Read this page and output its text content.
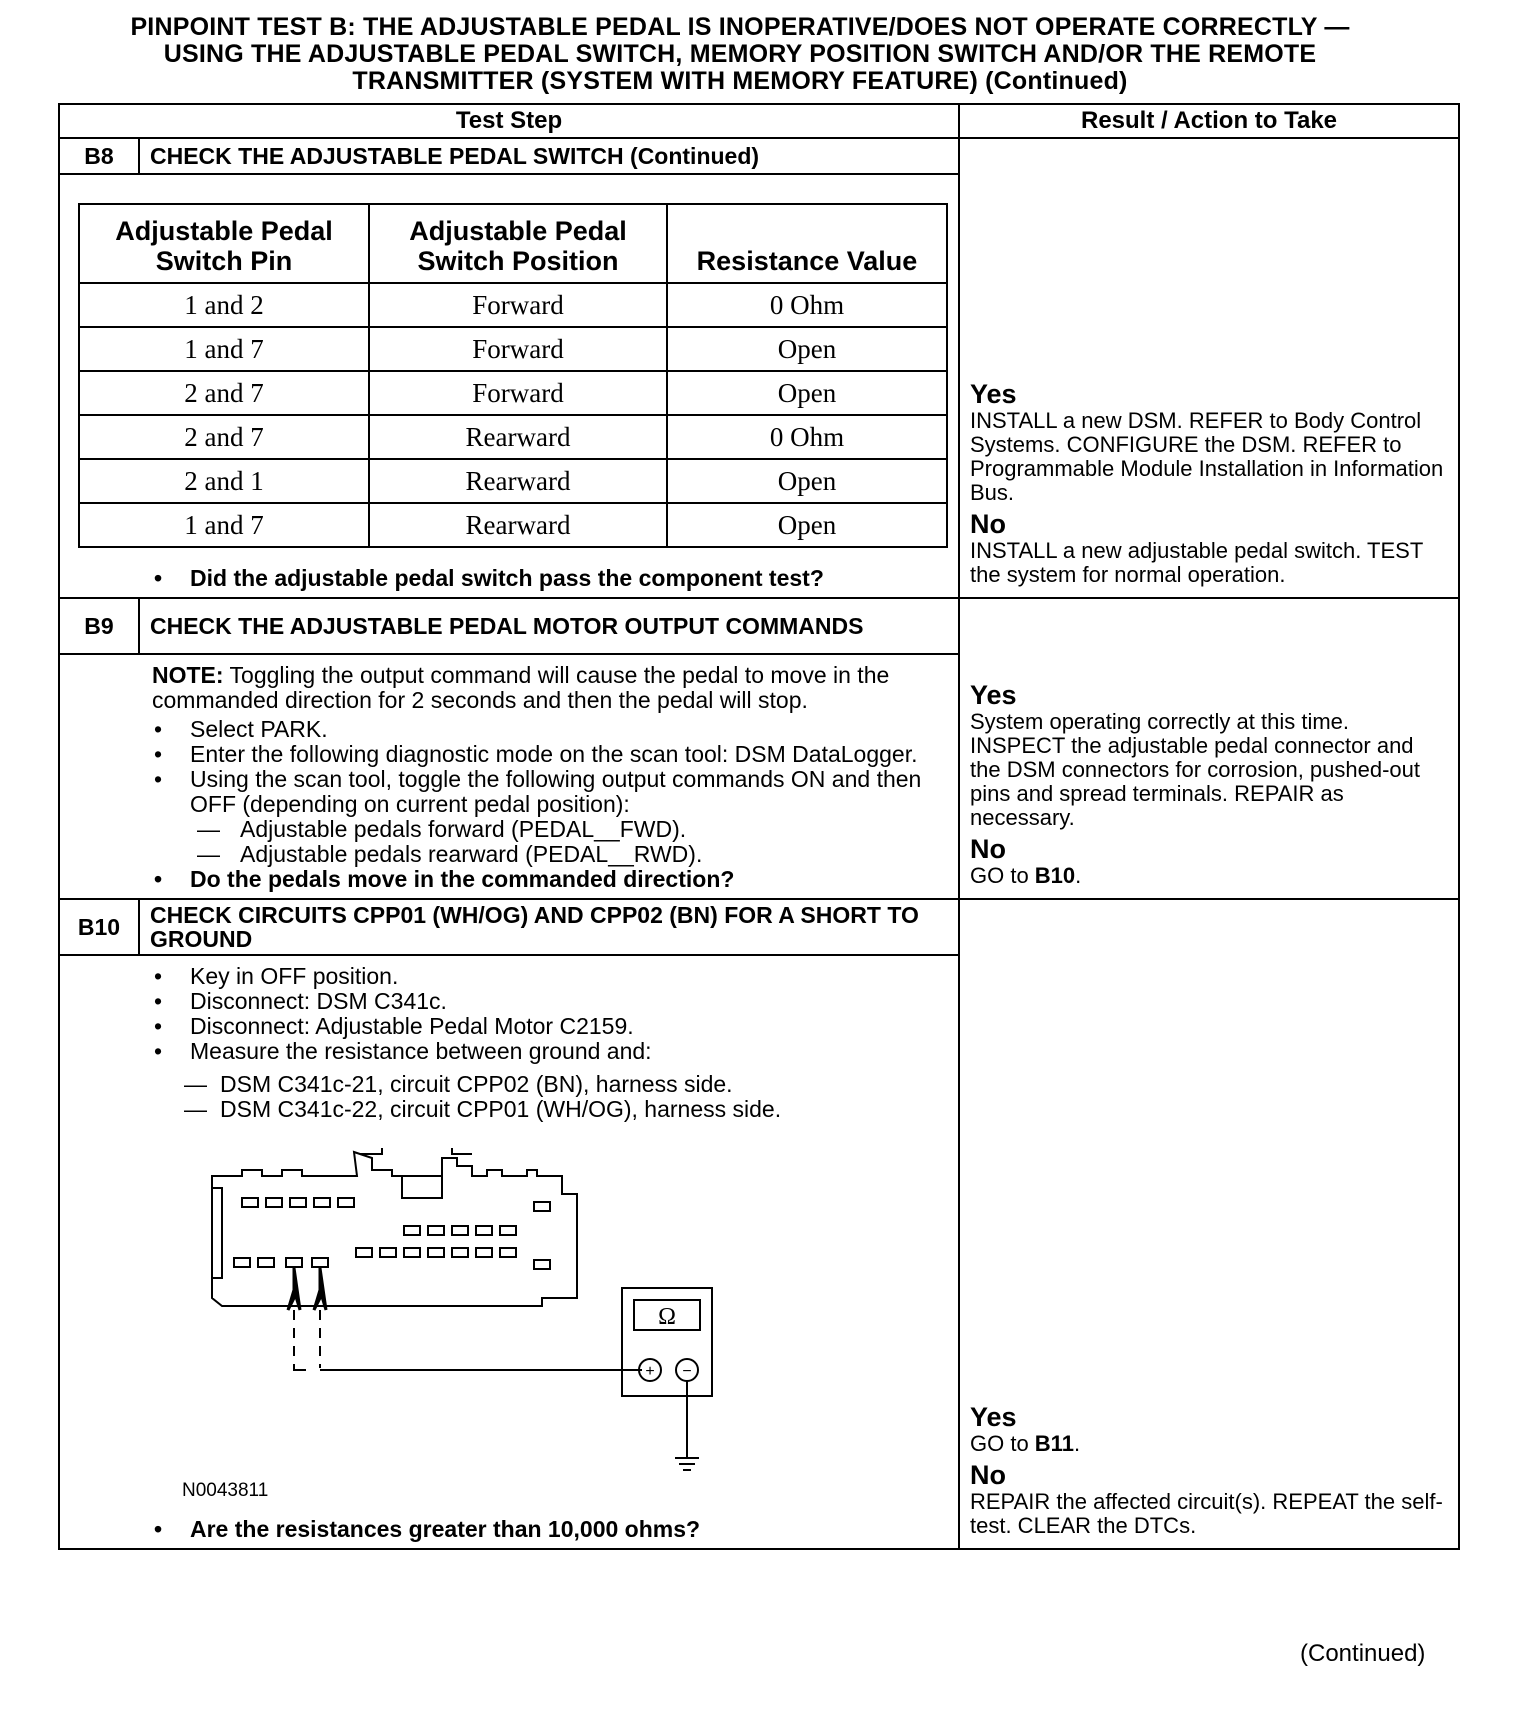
PINPOINT TEST B: THE ADJUSTABLE PEDAL IS INOPERATIVE/DOES NOT OPERATE CORRECTLY —
USING THE ADJUSTABLE PEDAL SWITCH, MEMORY POSITION SWITCH AND/OR THE REMOTE
TRANSMITTER (SYSTEM WITH MEMORY FEATURE) (Continued)
Test Step	Result / Action to Take
B8	CHECK THE ADJUSTABLE PEDAL SWITCH (Continued)	
Yes
INSTALL a new DSM. REFER to Body Control Systems. CONFIGURE the DSM. REFER to Programmable Module Installation in Information Bus.
No
INSTALL a new adjustable pedal switch. TEST the system for normal operation.

Adjustable Pedal Switch Pin	Adjustable Pedal Switch Position	Resistance Value
1 and 2	Forward	0 Ohm
1 and 7	Forward	Open
2 and 7	Forward	Open
2 and 7	Rearward	0 Ohm
2 and 1	Rearward	Open
1 and 7	Rearward	Open
• Did the adjustable pedal switch pass the component test?

B9	CHECK THE ADJUSTABLE PEDAL MOTOR OUTPUT COMMANDS	
Yes
System operating correctly at this time. INSPECT the adjustable pedal connector and the DSM connectors for corrosion, pushed-out pins and spread terminals. REPAIR as necessary.
No
GO to B10.

NOTE: Toggling the output command will cause the pedal to move in the commanded direction for 2 seconds and then the pedal will stop.
• Select PARK.
• Enter the following diagnostic mode on the scan tool: DSM DataLogger.
• Using the scan tool, toggle the following output commands ON and then OFF (depending on current pedal position):
— Adjustable pedals forward (PEDAL__FWD).
— Adjustable pedals rearward (PEDAL__RWD).
• Do the pedals move in the commanded direction?

B10	CHECK CIRCUITS CPP01 (WH/OG) AND CPP02 (BN) FOR A SHORT TO GROUND	
Yes
GO to B11.
No
REPAIR the affected circuit(s). REPEAT the self-test. CLEAR the DTCs.

• Key in OFF position.
• Disconnect: DSM C341c.
• Disconnect: Adjustable Pedal Motor C2159.
• Measure the resistance between ground and:
— DSM C341c-21, circuit CPP02 (BN), harness side.
— DSM C341c-22, circuit CPP01 (WH/OG), harness side.
Ω
+ −
N0043811
• Are the resistances greater than 10,000 ohms?
(Continued)
